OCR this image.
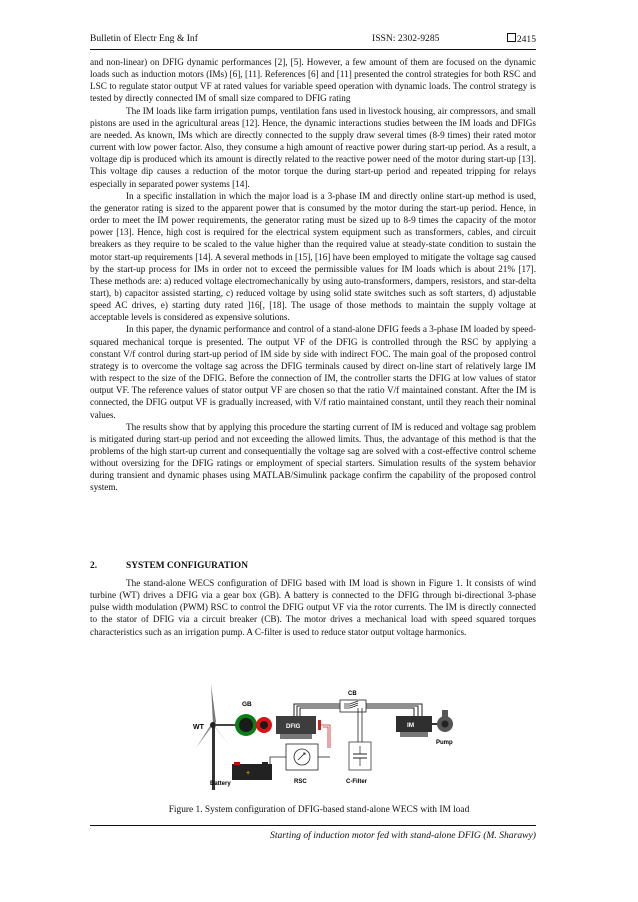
Bulletin of Electr Eng & Inf	ISSN: 2302-9285	2415

and non-linear) on DFIG dynamic performances [2], [5]. However, a few amount of them are focused on the dynamic loads such as induction motors (IMs) [6], [11]. References [6] and [11] presented the control strategies for both RSC and LSC to regulate stator output VF at rated values for variable speed operation with dynamic loads. The control strategy is tested by directly connected IM of small size compared to DFIG rating

The IM loads like farm irrigation pumps, ventilation fans used in livestock housing, air compressors, and small pistons are used in the agricultural areas [12]. Hence, the dynamic interactions studies between the IM loads and DFIGs are needed. As known, IMs which are directly connected to the supply draw several times (8-9 times) their rated motor current with low power factor. Also, they consume a high amount of reactive power during start-up period. As a result, a voltage dip is produced which its amount is directly related to the reactive power need of the motor during start-up [13]. This voltage dip causes a reduction of the motor torque the during start-up period and repeated tripping for relays especially in separated power systems [14].

In a specific installation in which the major load is a 3-phase IM and directly online start-up method is used, the generator rating is sized to the apparent power that is consumed by the motor during the start-up period. Hence, in order to meet the IM power requirements, the generator rating must be sized up to 8-9 times the capacity of the motor power [13]. Hence, high cost is required for the electrical system equipment such as transformers, cables, and circuit breakers as they require to be scaled to the value higher than the required value at steady-state condition to sustain the motor start-up requirements [14]. A several methods in [15], [16] have been employed to mitigate the voltage sag caused by the start-up process for IMs in order not to exceed the permissible values for IM loads which is about 21% [17]. These methods are: a) reduced voltage electromechanically by using auto-transformers, dampers, resistors, and star-delta start), b) capacitor assisted starting, c) reduced voltage by using solid state switches such as soft starters, d) adjustable speed AC drives, e) starting duty rated ]16[, [18]. The usage of those methods to maintain the supply voltage at acceptable levels is considered as expensive solutions.

In this paper, the dynamic performance and control of a stand-alone DFIG feeds a 3-phase IM loaded by speed-squared mechanical torque is presented. The output VF of the DFIG is controlled through the RSC by applying a constant V/f control during start-up period of IM side by side with indirect FOC. The main goal of the proposed control strategy is to overcome the voltage sag across the DFIG terminals caused by direct on-line start of relatively large IM with respect to the size of the DFIG. Before the connection of IM, the controller starts the DFIG at low values of stator output VF. The reference values of stator output VF are chosen so that the ratio V/f maintained constant. After the IM is connected, the DFIG output VF is gradually increased, with V/f ratio maintained constant, until they reach their nominal values.

The results show that by applying this procedure the starting current of IM is reduced and voltage sag problem is mitigated during start-up period and not exceeding the allowed limits. Thus, the advantage of this method is that the problems of the high start-up current and consequentially the voltage sag are solved with a cost-effective control scheme without oversizing for the DFIG ratings or employment of special starters. Simulation results of the system behavior during transient and dynamic phases using MATLAB/Simulink package confirm the capability of the proposed control system.

2.	SYSTEM CONFIGURATION

The stand-alone WECS configuration of DFIG based with IM load is shown in Figure 1. It consists of wind turbine (WT) drives a DFIG via a gear box (GB). A battery is connected to the DFIG through bi-directional 3-phase pulse width modulation (PWM) RSC to control the DFIG output VF via the rotor currents. The IM is directly connected to the stator of DFIG via a circuit breaker (CB). The motor drives a mechanical load with speed squared torques characteristics such as an irrigation pump. A C-filter is used to reduce stator output voltage harmonics.

WT
GB
DFIG
CB
C-Filter
IM
Pump
RSC
+
Battery
Figure 1. System configuration of DFIG-based stand-alone WECS with IM load
Starting of induction motor fed with stand-alone DFIG (M. Sharawy)
